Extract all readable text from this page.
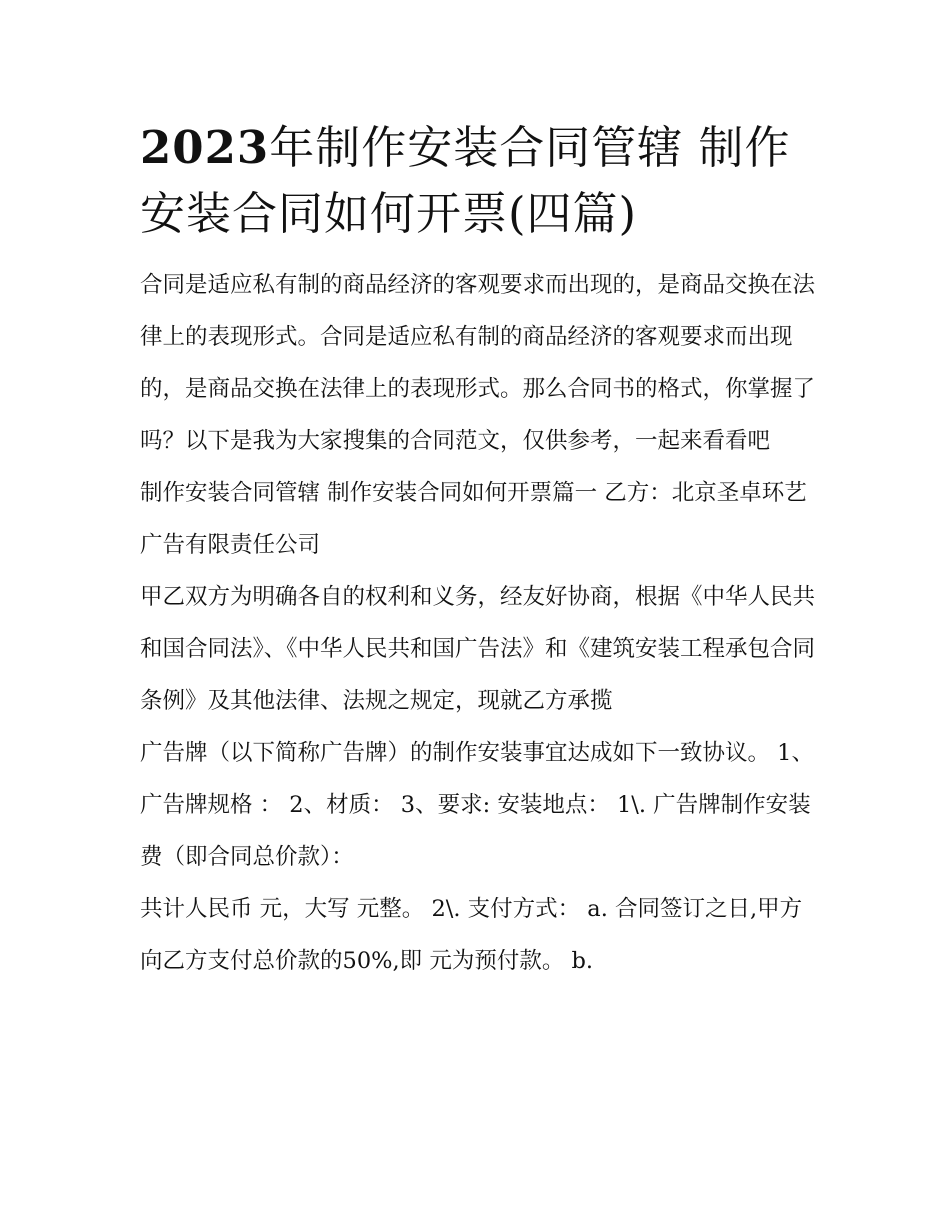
2023年制作安装合同管辖 制作安装合同如何开票(四篇)

合同是适应私有制的商品经济的客观要求而出现的，是商品交换在法律上的表现形式。合同是适应私有制的商品经济的客观要求而出现的，是商品交换在法律上的表现形式。那么合同书的格式，你掌握了吗？以下是我为大家搜集的合同范文，仅供参考，一起来看看吧

制作安装合同管辖 制作安装合同如何开票篇一 乙方：北京圣卓环艺广告有限责任公司

甲乙双方为明确各自的权利和义务，经友好协商，根据《中华人民共和国合同法》、《中华人民共和国广告法》和《建筑安装工程承包合同条例》及其他法律、法规之规定，现就乙方承揽

广告牌（以下简称广告牌）的制作安装事宜达成如下一致协议。 1、广告牌规格 ： 2、材质： 3、要求: 安装地点： 1\. 广告牌制作安装费（即合同总价款）：

共计人民币 元，大写 元整。 2\. 支付方式： a. 合同签订之日,甲方向乙方支付总价款的50%,即 元为预付款。 b.
